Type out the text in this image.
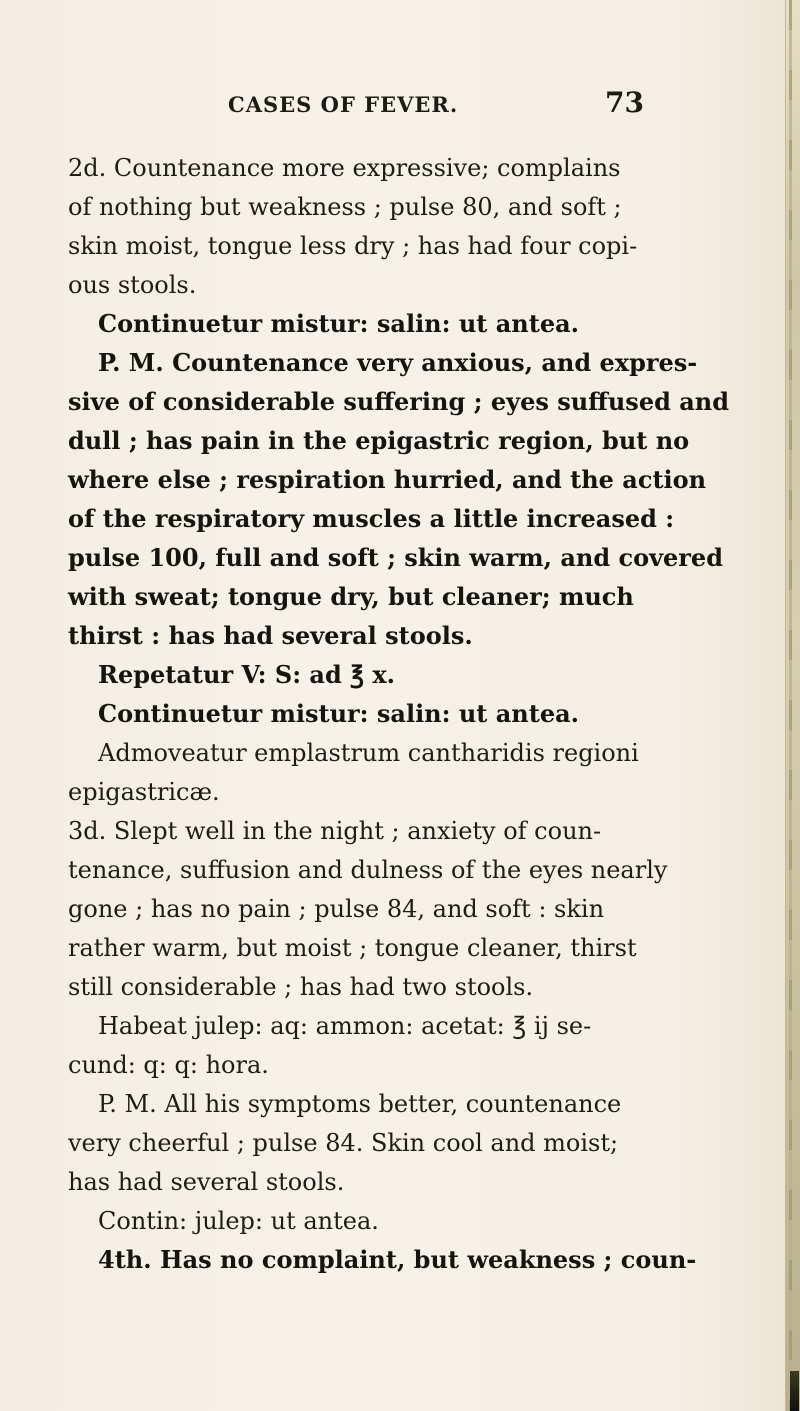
CASES OF FEVER.	73
2d. Countenance more expressive; complains
of nothing but weakness ; pulse 80, and soft ;
skin moist, tongue less dry ; has had four copi-
ous stools.
Continuetur mistur: salin: ut antea.
P. M. Countenance very anxious, and expres-
sive of considerable suffering ; eyes suffused and
dull ; has pain in the epigastric region, but no
where else ; respiration hurried, and the action
of the respiratory muscles a little increased :
pulse 100, full and soft ; skin warm, and covered
with sweat; tongue dry, but cleaner; much
thirst : has had several stools.
Repetatur V: S: ad ℥ x.
Continuetur mistur: salin: ut antea.
Admoveatur emplastrum cantharidis regioni
epigastricæ.
3d. Slept well in the night ; anxiety of coun-
tenance, suffusion and dulness of the eyes nearly
gone ; has no pain ; pulse 84, and soft : skin
rather warm, but moist ; tongue cleaner, thirst
still considerable ; has had two stools.
Habeat julep: aq: ammon: acetat: ℥ ij se-
cund: q: q: hora.
P. M. All his symptoms better, countenance
very cheerful ; pulse 84. Skin cool and moist;
has had several stools.
Contin: julep: ut antea.
4th. Has no complaint, but weakness ; coun-
